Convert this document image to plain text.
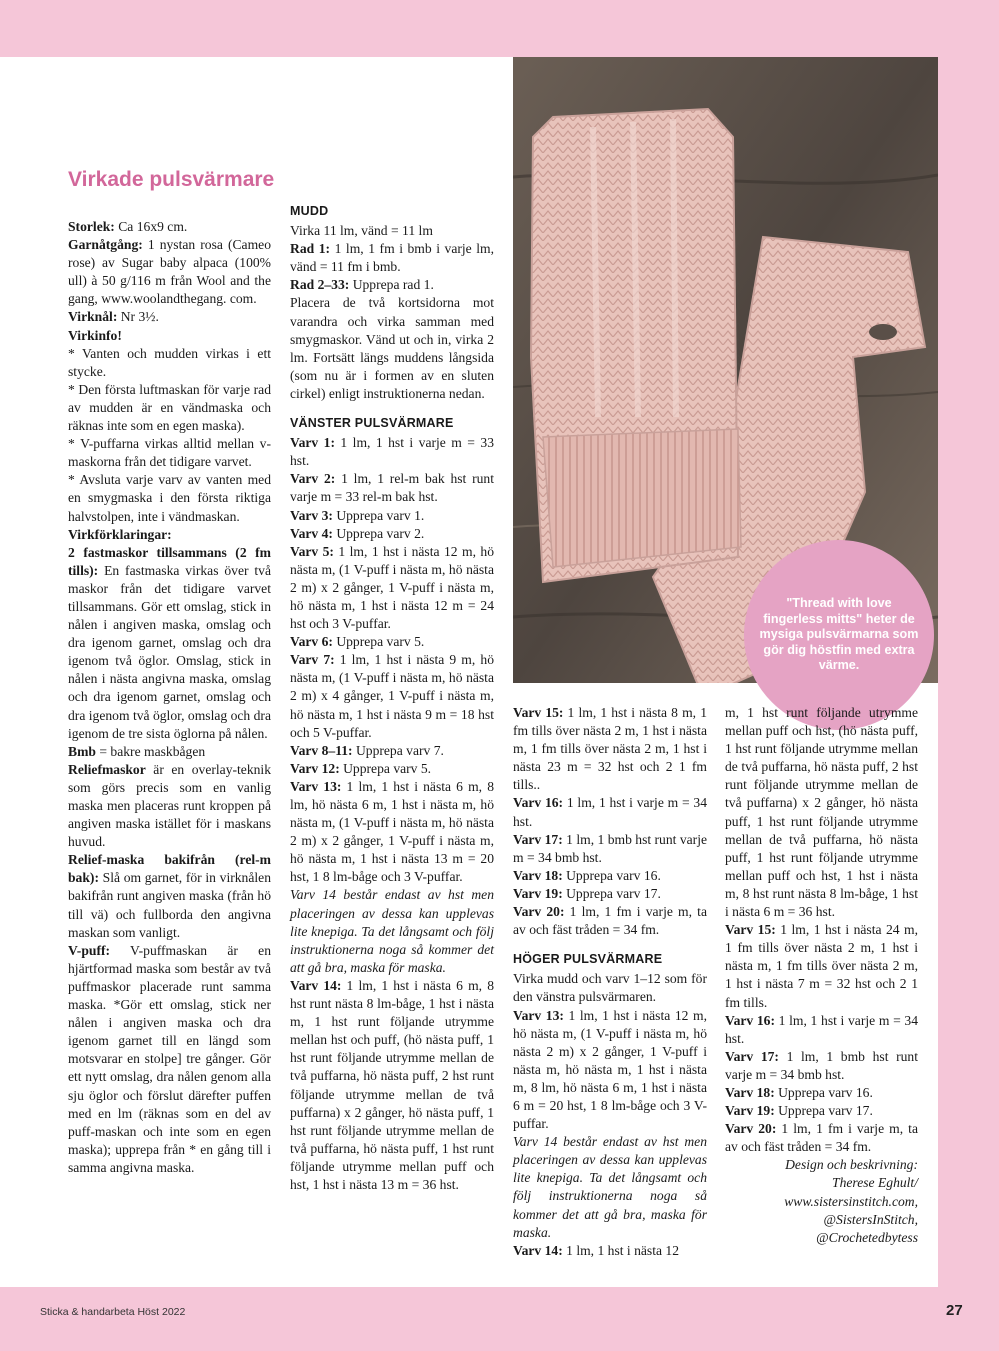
"Thread with love fingerless mitts" heter de mysiga pulsvärmarna som gör dig höstfin med extra värme.
Virkade pulsvärmare

Storlek: Ca 16x9 cm.

Garnåtgång: 1 nystan rosa (Cameo rose) av Sugar baby alpaca (100% ull) à 50 g/116 m från Wool and the gang, www.woolandthegang. com.

Virknål: Nr 3½.

Virkinfo!

* Vanten och mudden virkas i ett stycke.

* Den första luftmaskan för varje rad av mudden är en vändmaska och räknas inte som en egen maska).

* V-puffarna virkas alltid mellan v-maskorna från det tidigare varvet.

* Avsluta varje varv av vanten med en smygmaska i den första riktiga halvstolpen, inte i vändmaskan.

Virkförklaringar:

2 fastmaskor tillsammans (2 fm tills): En fastmaska virkas över två maskor från det tidigare varvet tillsammans. Gör ett omslag, stick in nålen i angiven maska, omslag och dra igenom garnet, omslag och dra igenom två öglor. Omslag, stick in nålen i nästa angivna maska, omslag och dra igenom garnet, omslag och dra igenom två öglor, omslag och dra igenom de tre sista öglorna på nålen.

Bmb = bakre maskbågen

Reliefmaskor är en overlay-teknik som görs precis som en vanlig maska men placeras runt kroppen på angiven maska istället för i maskans huvud.

Relief-maska bakifrån (rel-m bak): Slå om garnet, för in virknålen bakifrån runt angiven maska (från hö till vä) och fullborda den angivna maskan som vanligt.

V-puff: V-puffmaskan är en hjärtformad maska som består av två puffmaskor placerade runt samma maska. *Gör ett omslag, stick ner nålen i angiven maska och dra igenom garnet till en längd som motsvarar en stolpe] tre gånger. Gör ett nytt omslag, dra nålen genom alla sju öglor och förslut därefter puffen med en lm (räknas som en del av puff-maskan och inte som en egen maska); upprepa från * en gång till i samma angivna maska.

MUDD

Virka 11 lm, vänd = 11 lm

Rad 1: 1 lm, 1 fm i bmb i varje lm, vänd = 11 fm i bmb.

Rad 2–33: Upprepa rad 1.

Placera de två kortsidorna mot varandra och virka samman med smygmaskor. Vänd ut och in, virka 2 lm. Fortsätt längs muddens långsida (som nu är i formen av en sluten cirkel) enligt instruktionerna nedan.

VÄNSTER PULSVÄRMARE

Varv 1: 1 lm, 1 hst i varje m = 33 hst.

Varv 2: 1 lm, 1 rel-m bak hst runt varje m = 33 rel-m bak hst.

Varv 3: Upprepa varv 1.

Varv 4: Upprepa varv 2.

Varv 5: 1 lm, 1 hst i nästa 12 m, hö nästa m, (1 V-puff i nästa m, hö nästa 2 m) x 2 gånger, 1 V-puff i nästa m, hö nästa m, 1 hst i nästa 12 m = 24 hst och 3 V-puffar.

Varv 6: Upprepa varv 5.

Varv 7: 1 lm, 1 hst i nästa 9 m, hö nästa m, (1 V-puff i nästa m, hö nästa 2 m) x 4 gånger, 1 V-puff i nästa m, hö nästa m, 1 hst i nästa 9 m = 18 hst och 5 V-puffar.

Varv 8–11: Upprepa varv 7.

Varv 12: Upprepa varv 5.

Varv 13: 1 lm, 1 hst i nästa 6 m, 8 lm, hö nästa 6 m, 1 hst i nästa m, hö nästa m, (1 V-puff i nästa m, hö nästa 2 m) x 2 gånger, 1 V-puff i nästa m, hö nästa m, 1 hst i nästa 13 m = 20 hst, 1 8 lm-båge och 3 V-puffar.

Varv 14 består endast av hst men placeringen av dessa kan upplevas lite knepiga. Ta det långsamt och följ instruktionerna noga så kommer det att gå bra, maska för maska.

Varv 14: 1 lm, 1 hst i nästa 6 m, 8 hst runt nästa 8 lm-båge, 1 hst i nästa m, 1 hst runt följande utrymme mellan hst och puff, (hö nästa puff, 1 hst runt följande utrymme mellan de två puffarna, hö nästa puff, 2 hst runt följande utrymme mellan de två puffarna) x 2 gånger, hö nästa puff, 1 hst runt följande utrymme mellan de två puffarna, hö nästa puff, 1 hst runt följande utrymme mellan puff och hst, 1 hst i nästa 13 m = 36 hst.

Varv 15: 1 lm, 1 hst i nästa 8 m, 1 fm tills över nästa 2 m, 1 hst i nästa m, 1 fm tills över nästa 2 m, 1 hst i nästa 23 m = 32 hst och 2 1 fm tills..

Varv 16: 1 lm, 1 hst i varje m = 34 hst.

Varv 17: 1 lm, 1 bmb hst runt varje m = 34 bmb hst.

Varv 18: Upprepa varv 16.

Varv 19: Upprepa varv 17.

Varv 20: 1 lm, 1 fm i varje m, ta av och fäst tråden = 34 fm.

HÖGER PULSVÄRMARE

Virka mudd och varv 1–12 som för den vänstra pulsvärmaren.

Varv 13: 1 lm, 1 hst i nästa 12 m, hö nästa m, (1 V-puff i nästa m, hö nästa 2 m) x 2 gånger, 1 V-puff i nästa m, hö nästa m, 1 hst i nästa m, 8 lm, hö nästa 6 m, 1 hst i nästa 6 m = 20 hst, 1 8 lm-båge och 3 V-puffar.

Varv 14 består endast av hst men placeringen av dessa kan upplevas lite knepiga. Ta det långsamt och följ instruktionerna noga så kommer det att gå bra, maska för maska.

Varv 14: 1 lm, 1 hst i nästa 12

m, 1 hst runt följande utrymme mellan puff och hst, (hö nästa puff, 1 hst runt följande utrymme mellan de två puffarna, hö nästa puff, 2 hst runt följande utrymme mellan de två puffarna) x 2 gånger, hö nästa puff, 1 hst runt följande utrymme mellan de två puffarna, hö nästa puff, 1 hst runt följande utrymme mellan puff och hst, 1 hst i nästa m, 8 hst runt nästa 8 lm-båge, 1 hst i nästa 6 m = 36 hst.

Varv 15: 1 lm, 1 hst i nästa 24 m, 1 fm tills över nästa 2 m, 1 hst i nästa m, 1 fm tills över nästa 2 m, 1 hst i nästa 7 m = 32 hst och 2 1 fm tills.

Varv 16: 1 lm, 1 hst i varje m = 34 hst.

Varv 17: 1 lm, 1 bmb hst runt varje m = 34 bmb hst.

Varv 18: Upprepa varv 16.

Varv 19: Upprepa varv 17.

Varv 20: 1 lm, 1 fm i varje m, ta av och fäst tråden = 34 fm.

Design och beskrivning:
Therese Eghult/
www.sistersinstitch.com,
@SistersInStitch,
@Crochetedbytess
Sticka & handarbeta Höst 2022	27
